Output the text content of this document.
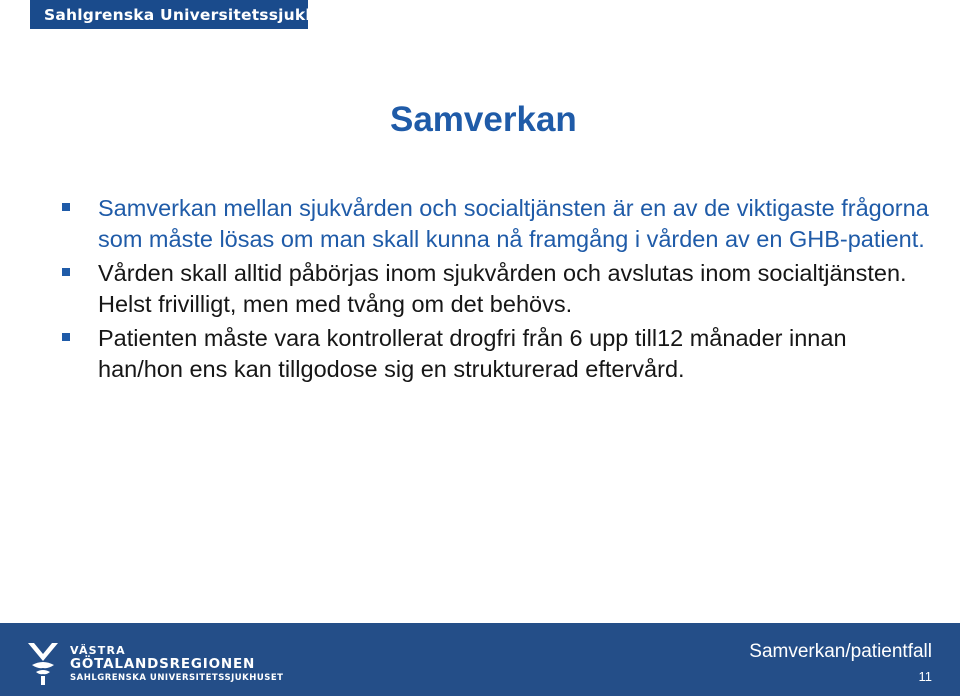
Sahlgrenska Universitetssjukhuset
Samverkan
Samverkan mellan sjukvården och socialtjänsten är en av de viktigaste frågorna som måste lösas om man skall kunna nå framgång i vården av en GHB-patient.
Vården skall alltid påbörjas inom sjukvården och avslutas inom socialtjänsten. Helst frivilligt, men med tvång om det behövs.
Patienten måste vara kontrollerat drogfri från 6 upp till12 månader innan han/hon ens kan tillgodose sig en strukturerad eftervård.
VÄSTRA
GÖTALANDSREGIONEN
SAHLGRENSKA UNIVERSITETSSJUKHUSET
Samverkan/patientfall
11
